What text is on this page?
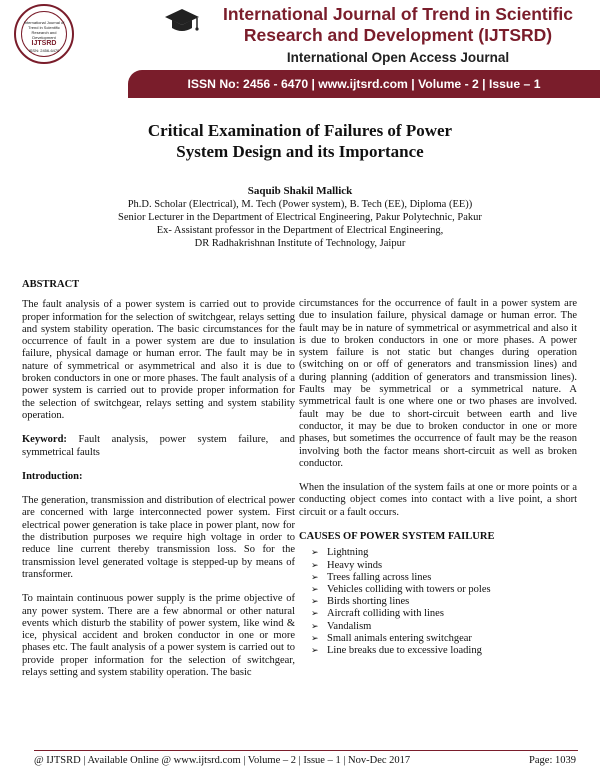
International Journal of Trend in Scientific Research and Development
IJTSRD
ISSN: 2456-6470
International Journal of Trend in Scientific
Research and Development (IJTSRD)
International Open Access Journal
ISSN No: 2456 - 6470 | www.ijtsrd.com | Volume - 2 | Issue – 1
Critical Examination of Failures of Power
System Design and its Importance
Saquib Shakil Mallick
Ph.D. Scholar (Electrical), M. Tech (Power system), B. Tech (EE), Diploma (EE))
Senior Lecturer in the Department of Electrical Engineering, Pakur Polytechnic, Pakur
Ex- Assistant professor in the Department of Electrical Engineering,
DR Radhakrishnan Institute of Technology, Jaipur

ABSTRACT

The fault analysis of a power system is carried out to provide proper information for the selection of switchgear, relays setting and system stability operation. The basic circumstances for the occurrence of fault in a power system are due to insulation failure, physical damage or human error. The fault may be in nature of symmetrical or asymmetrical and also it is due to broken conductors in one or more phases. The fault analysis of a power system is carried out to provide proper information for the selection of switchgear, relays setting and system stability operation.

Keyword: Fault analysis, power system failure, and symmetrical faults

Introduction:

The generation, transmission and distribution of electrical power are concerned with large interconnected power system. First electrical power generation is take place in power plant, now for the distribution purposes we require high voltage in order to reduce line current thereby transmission loss. So for the transmission level generated voltage is stepped-up by means of transformer.

To maintain continuous power supply is the prime objective of any power system. There are a few abnormal or other natural events which disturb the stability of power system, like wind & ice, physical accident and broken conductor in one or more phases etc. The fault analysis of a power system is carried out to provide proper information for the selection of switchgear, relays setting and system stability operation. The basic

circumstances for the occurrence of fault in a power system are due to insulation failure, physical damage or human error. The fault may be in nature of symmetrical or asymmetrical and also it is due to broken conductors in one or more phases. A power system failure is not static but changes during operation (switching on or off of generators and transmission lines) and during planning (addition of generators and transmission lines). Faults may be symmetrical or a symmetrical nature. A symmetrical fault is one where one or two phases are involved. fault may be due to short-circuit between earth and live conductor, it may be due to broken conductor in one or more phases, but sometimes the occurrence of fault may be the reason involving both the factor means short-circuit as well as broken conductor.

When the insulation of the system fails at one or more points or a conducting object comes into contact with a live point, a short circuit or a fault occurs.

CAUSES OF POWER SYSTEM FAILURE

➢ Lightning
➢ Heavy winds
➢ Trees falling across lines
➢ Vehicles colliding with towers or poles
➢ Birds shorting lines
➢ Aircraft colliding with lines
➢ Vandalism
➢ Small animals entering switchgear
➢ Line breaks due to excessive loading
@ IJTSRD | Available Online @ www.ijtsrd.com | Volume – 2 | Issue – 1 | Nov-Dec 2017	Page: 1039
